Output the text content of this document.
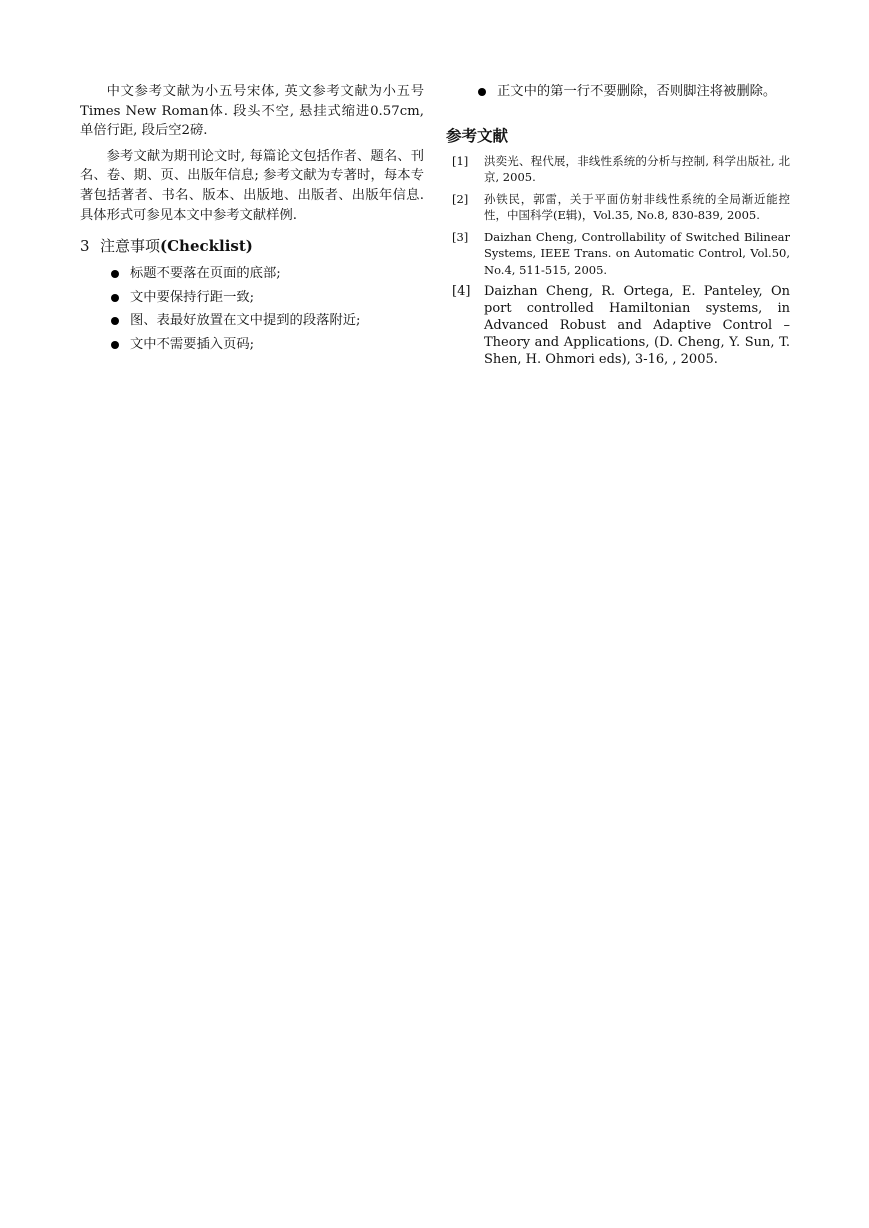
中文参考文献为小五号宋体, 英文参考文献为小五号Times New Roman体. 段头不空, 悬挂式缩进0.57cm, 单倍行距, 段后空2磅.

参考文献为期刊论文时, 每篇论文包括作者、题名、刊名、卷、期、页、出版年信息; 参考文献为专著时，每本专著包括著者、书名、版本、出版地、出版者、出版年信息. 具体形式可参见本文中参考文献样例.

3 注意事项(Checklist)
标题不要落在页面的底部;
文中要保持行距一致;
图、表最好放置在文中提到的段落附近;
文中不需要插入页码;

正文中的第一行不要删除，否则脚注将被删除。

参考文献
[1] 洪奕光、程代展，非线性系统的分析与控制, 科学出版社, 北京, 2005.
[2] 孙铁民，郭雷，关于平面仿射非线性系统的全局渐近能控性，中国科学(E辑)，Vol.35, No.8, 830-839, 2005.
[3] Daizhan Cheng, Controllability of Switched Bilinear Systems, IEEE Trans. on Automatic Control, Vol.50, No.4, 511-515, 2005.
[4] Daizhan Cheng, R. Ortega, E. Panteley, On port controlled Hamiltonian systems, in Advanced Robust and Adaptive Control –Theory and Applications, (D. Cheng, Y. Sun, T. Shen, H. Ohmori eds), 3-16, , 2005.
